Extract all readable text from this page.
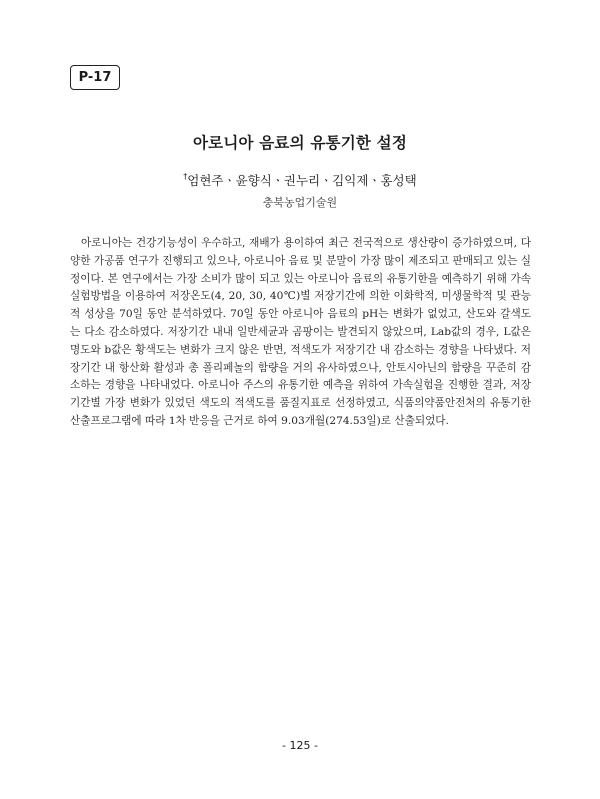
P-17
아로니아 음료의 유통기한 설정
†엄현주ㆍ윤향식ㆍ권누리ㆍ김익제ㆍ홍성택
충북농업기술원

아로니아는 건강기능성이 우수하고, 재배가 용이하여 최근 전국적으로 생산량이 증가하였으며, 다양한 가공품 연구가 진행되고 있으나, 아로니아 음료 및 분말이 가장 많이 제조되고 판매되고 있는 실정이다. 본 연구에서는 가장 소비가 많이 되고 있는 아로니아 음료의 유통기한을 예측하기 위해 가속 실험방법을 이용하여 저장온도(4, 20, 30, 40℃)별 저장기간에 의한 이화학적, 미생물학적 및 관능적 성상을 70일 동안 분석하였다. 70일 동안 아로니아 음료의 pH는 변화가 없었고, 산도와 갈색도는 다소 감소하였다. 저장기간 내내 일반세균과 곰팡이는 발견되지 않았으며, Lab값의 경우, L값은 명도와 b값은 황색도는 변화가 크지 않은 반면, 적색도가 저장기간 내 감소하는 경향을 나타냈다. 저장기간 내 항산화 활성과 총 폴리페놀의 함량을 거의 유사하였으나, 안토시아닌의 함량을 꾸준히 감소하는 경향을 나타내었다. 아로니아 주스의 유통기한 예측을 위하여 가속실험을 진행한 결과, 저장기간별 가장 변화가 있었던 색도의 적색도를 품질지표로 선정하였고, 식품의약품안전처의 유통기한 산출프로그램에 따라 1차 반응을 근거로 하여 9.03개월(274.53일)로 산출되었다.

- 125 -
